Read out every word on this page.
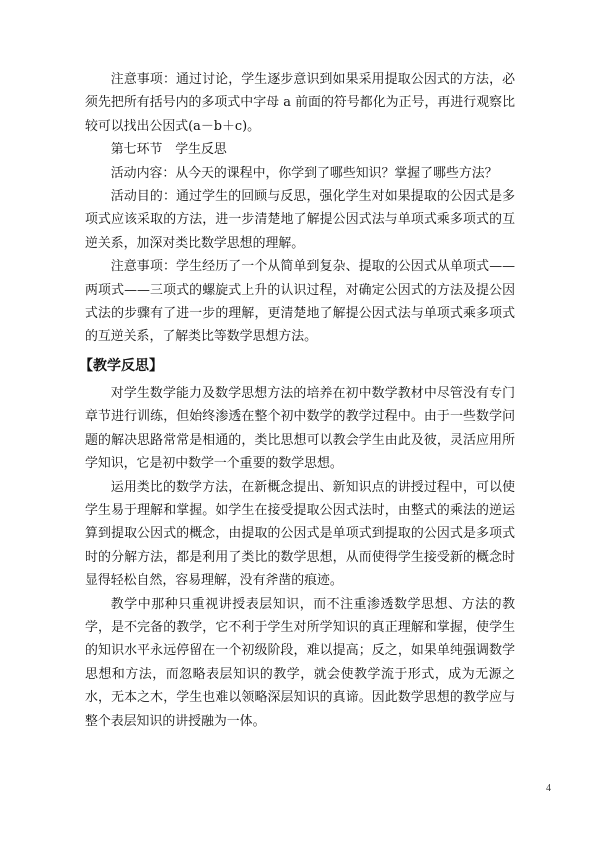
注意事项：通过讨论，学生逐步意识到如果采用提取公因式的方法，必须先把所有括号内的多项式中字母 a 前面的符号都化为正号，再进行观察比较可以找出公因式(a－b＋c)。

第七环节　学生反思

活动内容：从今天的课程中，你学到了哪些知识？掌握了哪些方法？

活动目的：通过学生的回顾与反思，强化学生对如果提取的公因式是多项式应该采取的方法，进一步清楚地了解提公因式法与单项式乘多项式的互逆关系，加深对类比数学思想的理解。

注意事项：学生经历了一个从简单到复杂、提取的公因式从单项式——两项式——三项式的螺旋式上升的认识过程，对确定公因式的方法及提公因式法的步骤有了进一步的理解，更清楚地了解提公因式法与单项式乘多项式的互逆关系，了解类比等数学思想方法。

【教学反思】

对学生数学能力及数学思想方法的培养在初中数学教材中尽管没有专门章节进行训练，但始终渗透在整个初中数学的教学过程中。由于一些数学问题的解决思路常常是相通的，类比思想可以教会学生由此及彼，灵活应用所学知识，它是初中数学一个重要的数学思想。

运用类比的数学方法，在新概念提出、新知识点的讲授过程中，可以使学生易于理解和掌握。如学生在接受提取公因式法时，由整式的乘法的逆运算到提取公因式的概念，由提取的公因式是单项式到提取的公因式是多项式时的分解方法，都是利用了类比的数学思想，从而使得学生接受新的概念时显得轻松自然，容易理解，没有斧凿的痕迹。

教学中那种只重视讲授表层知识，而不注重渗透数学思想、方法的教学，是不完备的教学，它不利于学生对所学知识的真正理解和掌握，使学生的知识水平永远停留在一个初级阶段，难以提高；反之，如果单纯强调数学思想和方法，而忽略表层知识的教学，就会使教学流于形式，成为无源之水，无本之木，学生也难以领略深层知识的真谛。因此数学思想的教学应与整个表层知识的讲授融为一体。

4
